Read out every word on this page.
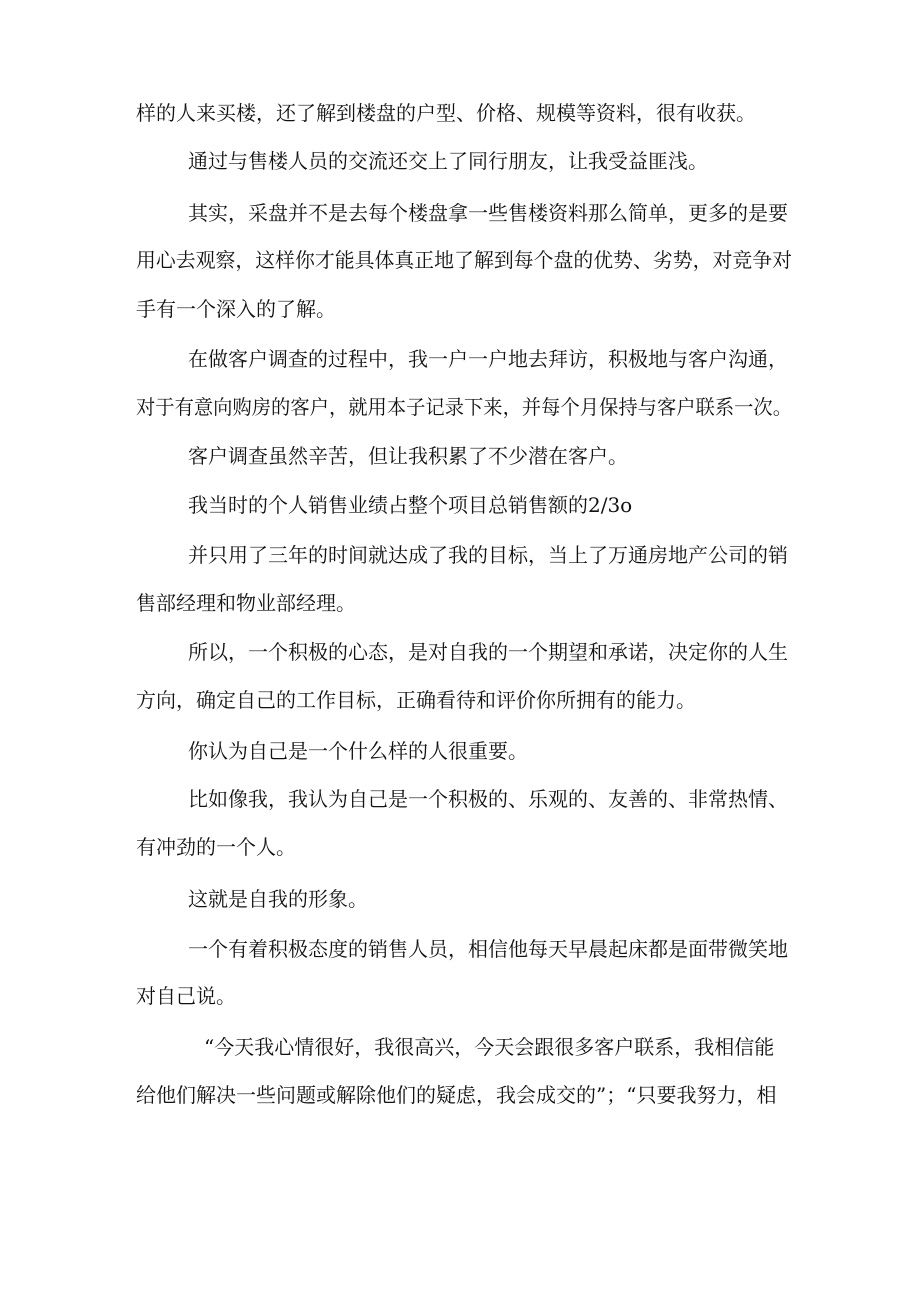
样的人来买楼，还了解到楼盘的户型、价格、规模等资料，很有收获。
通过与售楼人员的交流还交上了同行朋友，让我受益匪浅。
其实，采盘并不是去每个楼盘拿一些售楼资料那么简单，更多的是要
用心去观察，这样你才能具体真正地了解到每个盘的优势、劣势，对竞争对
手有一个深入的了解。
在做客户调查的过程中，我一户一户地去拜访，积极地与客户沟通，
对于有意向购房的客户，就用本子记录下来，并每个月保持与客户联系一次。
客户调查虽然辛苦，但让我积累了不少潜在客户。
我当时的个人销售业绩占整个项目总销售额的2/3o
并只用了三年的时间就达成了我的目标，当上了万通房地产公司的销
售部经理和物业部经理。
所以，一个积极的心态，是对自我的一个期望和承诺，决定你的人生
方向，确定自己的工作目标，正确看待和评价你所拥有的能力。
你认为自己是一个什么样的人很重要。
比如像我，我认为自己是一个积极的、乐观的、友善的、非常热情、
有冲劲的一个人。
这就是自我的形象。
一个有着积极态度的销售人员，相信他每天早晨起床都是面带微笑地
对自己说。
“今天我心情很好，我很高兴，今天会跟很多客户联系，我相信能
给他们解决一些问题或解除他们的疑虑，我会成交的”；“只要我努力，相
